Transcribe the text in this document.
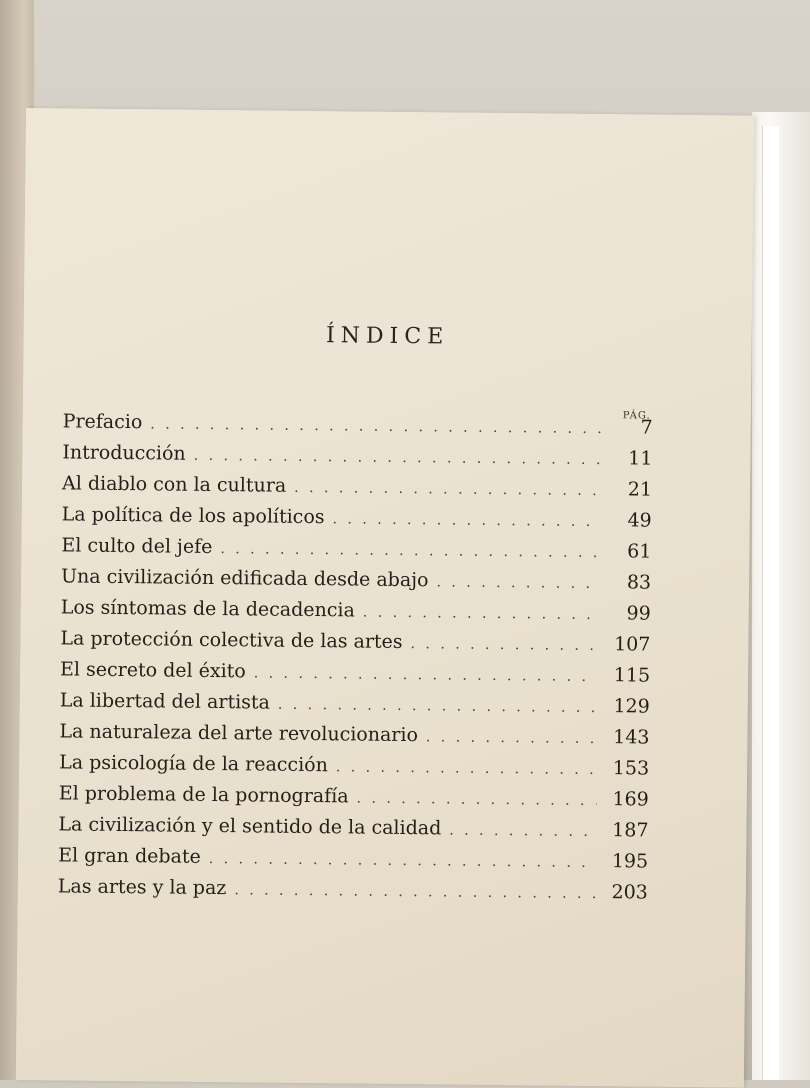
ÍNDICE
PÁG.
Prefacio . . .	7
Introducción . . .	11
Al diablo con la cultura . . .	21
La política de los apolíticos . . .	49
El culto del jefe . . .	61
Una civilización edificada desde abajo . . .	83
Los síntomas de la decadencia . . .	99
La protección colectiva de las artes . . .	107
El secreto del éxito . . .	115
La libertad del artista . . .	129
La naturaleza del arte revolucionario . . .	143
La psicología de la reacción . . .	153
El problema de la pornografía . . .	169
La civilización y el sentido de la calidad . . .	187
El gran debate . . .	195
Las artes y la paz . . .	203
